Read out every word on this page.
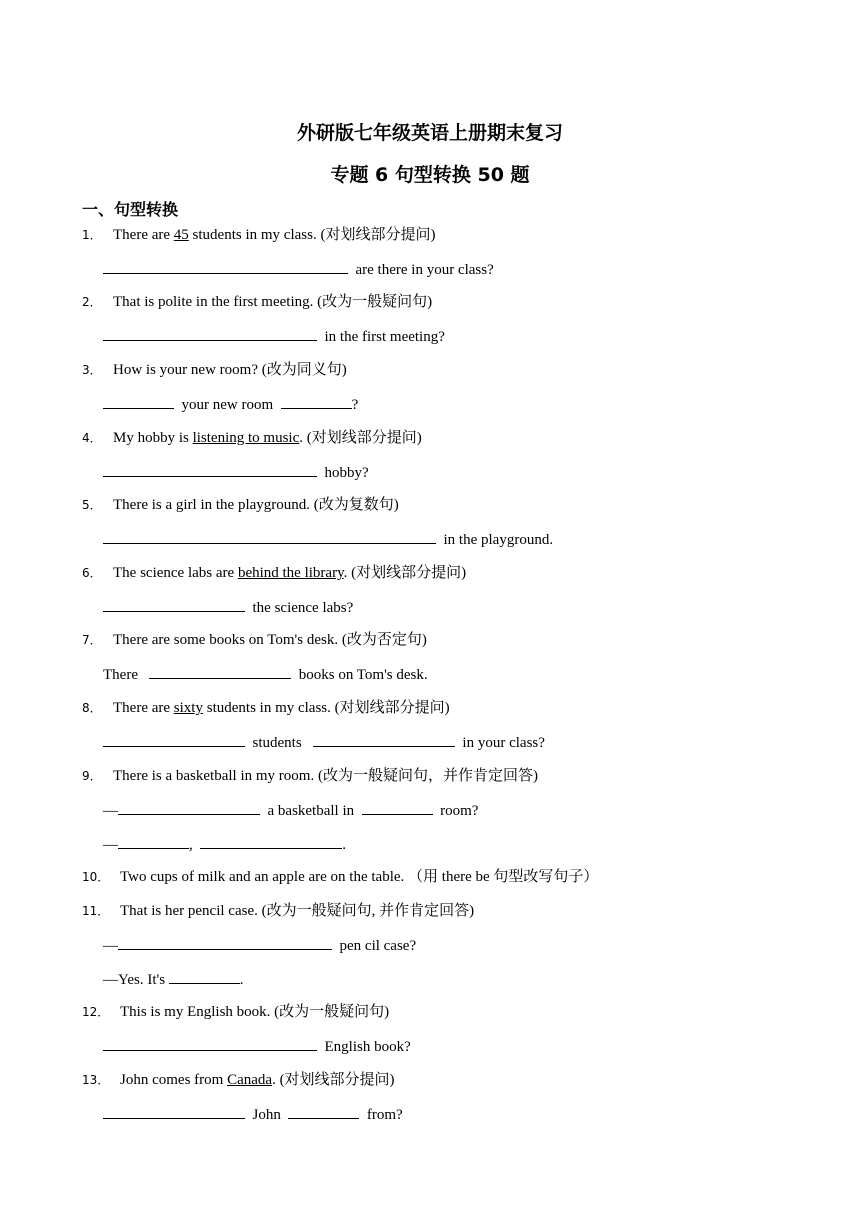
外研版七年级英语上册期末复习
专题 6 句型转换 50 题
一、句型转换
1． There are 45 students in my class. (对划线部分提问)
are there in your class?
2． That is polite in the first meeting. (改为一般疑问句)
in the first meeting?
3． How is your new room? (改为同义句)
your new room	?
4． My hobby is listening to music. (对划线部分提问)
hobby?
5． There is a girl in the playground. (改为复数句)
in the playground.
6． The science labs are behind the library. (对划线部分提问)
the science labs?
7． There are some books on Tom's desk. (改为否定句)
There	books on Tom's desk.
8． There are sixty students in my class. (对划线部分提问)
students	in your class?
9． There is a basketball in my room. (改为一般疑问句，并作肯定回答)
—	a basketball in	room?
—	,	.
10． Two cups of milk and an apple are on the table. （用 there be 句型改写句子）
11． That is her pencil case. (改为一般疑问句, 并作肯定回答)
—	pen cil case?
—Yes. It's	.
12． This is my English book. (改为一般疑问句)
English book?
13． John comes from Canada. (对划线部分提问)
John	from?
